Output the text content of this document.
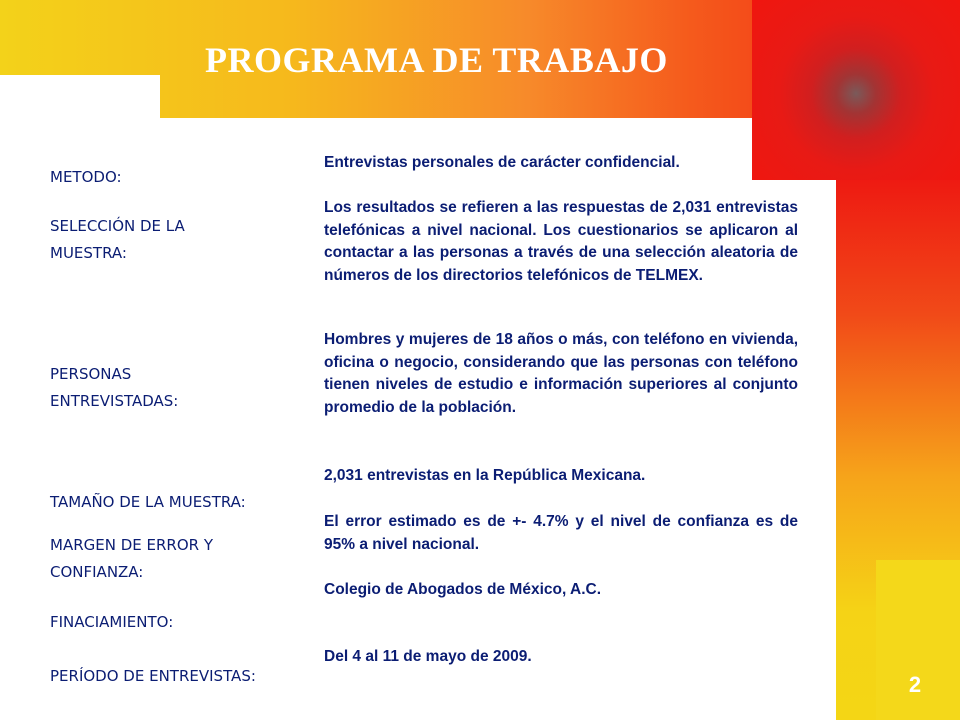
PROGRAMA DE TRABAJO

METODO:

SELECCIÓN DE LA MUESTRA:

PERSONAS ENTREVISTADAS:

TAMAÑO DE LA MUESTRA:

MARGEN DE ERROR Y CONFIANZA:

FINACIAMIENTO:

PERÍODO DE ENTREVISTAS:

Entrevistas personales de carácter confidencial.

Los resultados se refieren a las respuestas de 2,031 entrevistas telefónicas a nivel nacional. Los cuestionarios se aplicaron al contactar a las personas a través de una selección aleatoria de números de los directorios telefónicos de TELMEX.

Hombres y mujeres de 18 años o más, con teléfono en vivienda, oficina o negocio, considerando que las personas con teléfono tienen niveles de estudio e información superiores al conjunto promedio de la población.

2,031 entrevistas en la República Mexicana.

El error estimado es de +- 4.7% y el nivel de confianza es de 95% a nivel nacional.

Colegio de Abogados de México, A.C.

Del 4 al 11 de mayo de 2009.

2
